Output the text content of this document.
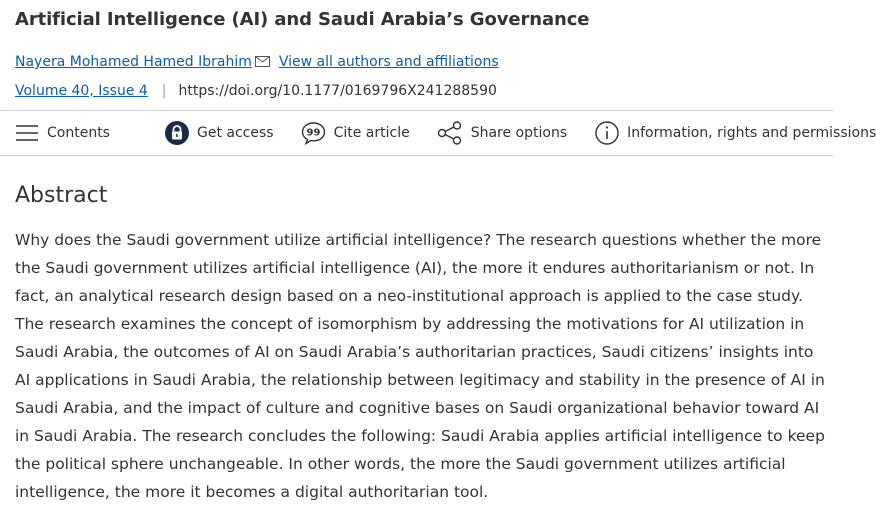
Artificial Intelligence (AI) and Saudi Arabia’s Governance
Nayera Mohamed Hamed Ibrahim View all authors and affiliations
Volume 40, Issue 4 | https://doi.org/10.1177/0169796X241288590
Contents	Get access	99 Cite article	Share options	Information, rights and permissions
Abstract

Why does the Saudi government utilize artificial intelligence? The research questions whether the more the Saudi government utilizes artificial intelligence (AI), the more it endures authoritarianism or not. In fact, an analytical research design based on a neo-institutional approach is applied to the case study. The research examines the concept of isomorphism by addressing the motivations for AI utilization in Saudi Arabia, the outcomes of AI on Saudi Arabia’s authoritarian practices, Saudi citizens’ insights into AI applications in Saudi Arabia, the relationship between legitimacy and stability in the presence of AI in Saudi Arabia, and the impact of culture and cognitive bases on Saudi organizational behavior toward AI in Saudi Arabia. The research concludes the following: Saudi Arabia applies artificial intelligence to keep the political sphere unchangeable. In other words, the more the Saudi government utilizes artificial intelligence, the more it becomes a digital authoritarian tool.
